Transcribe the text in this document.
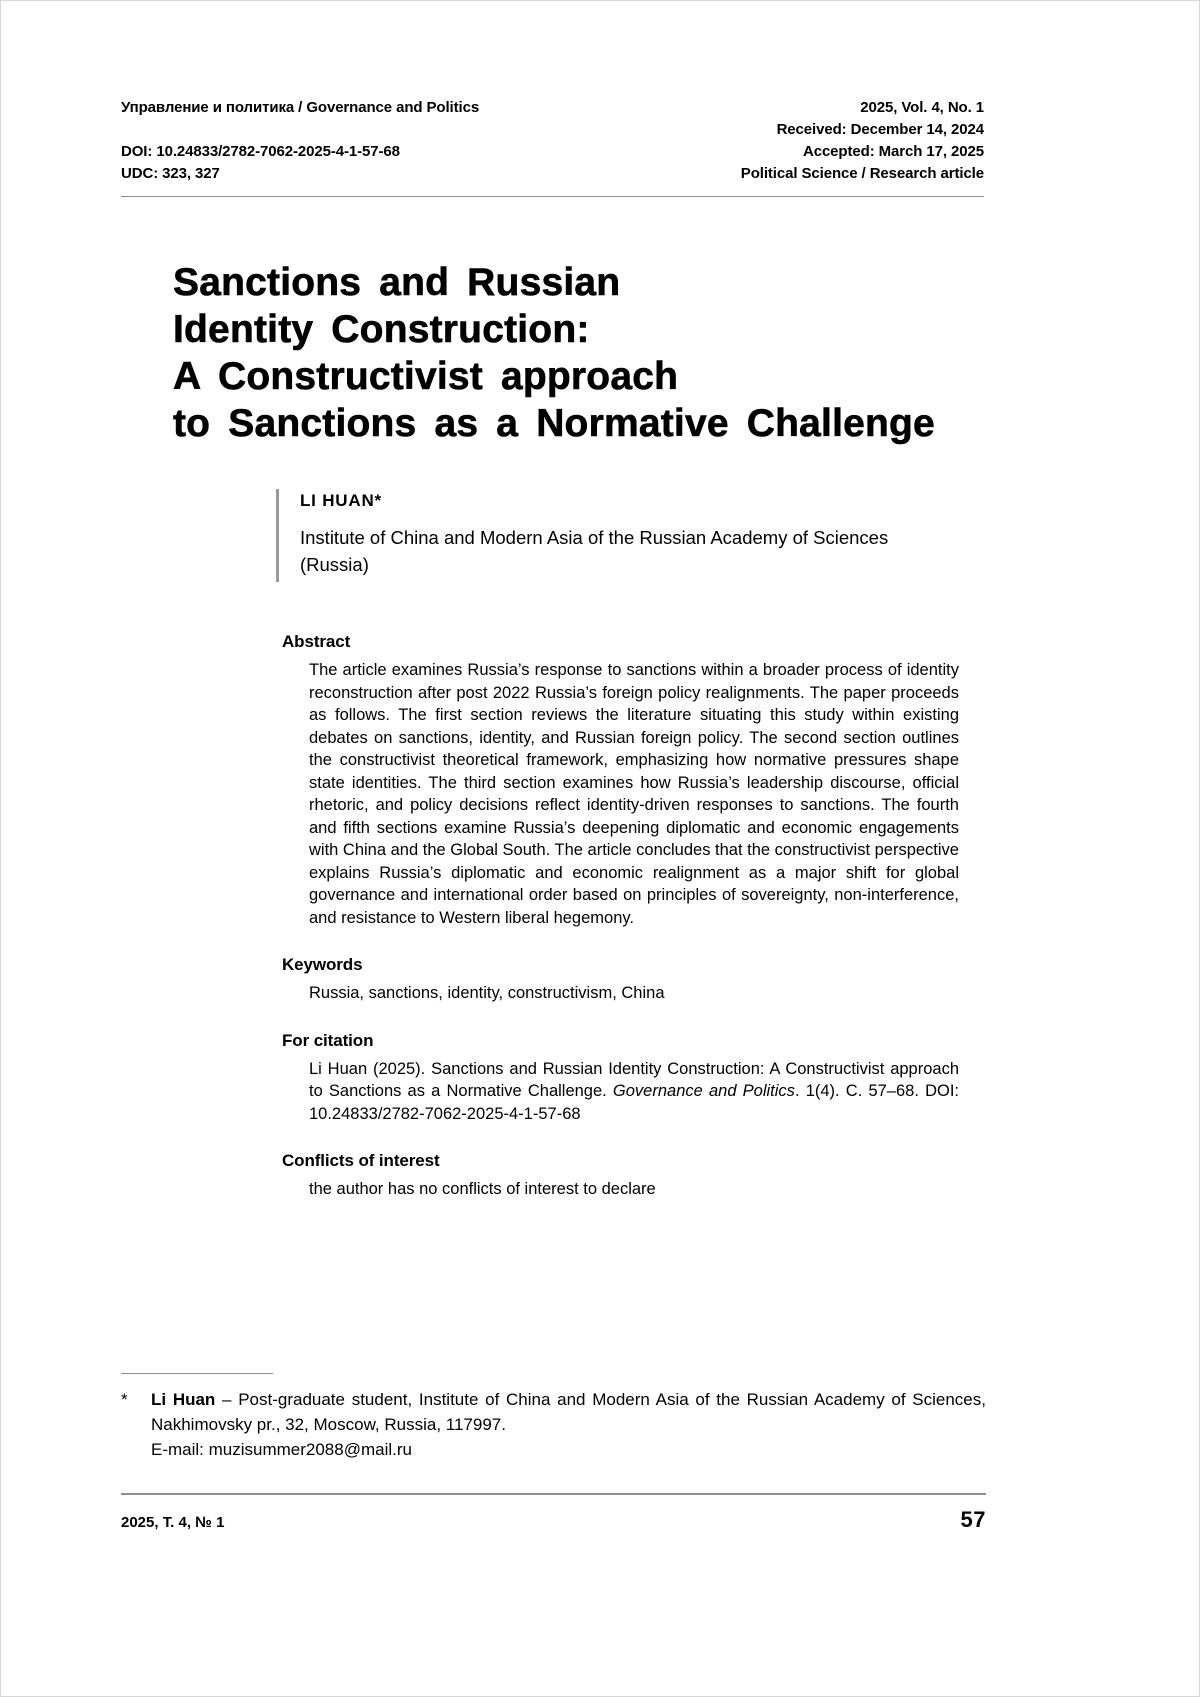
Управление и политика / Governance and Politics
DOI: 10.24833/2782-7062-2025-4-1-57-68
UDC: 323, 327
2025, Vol. 4, No. 1
Received: December 14, 2024
Accepted: March 17, 2025
Political Science / Research article
Sanctions and Russian
Identity Construction:
A Constructivist approach
to Sanctions as a Normative Challenge
LI HUAN*
Institute of China and Modern Asia of the Russian Academy of Sciences (Russia)
Abstract
The article examines Russia’s response to sanctions within a broader process of identity reconstruction after post 2022 Russia’s foreign policy realignments. The paper proceeds as follows. The first section reviews the literature situating this study within existing debates on sanctions, identity, and Russian foreign policy. The second section outlines the constructivist theoretical framework, emphasizing how normative pressures shape state identities. The third section examines how Russia’s leadership discourse, official rhetoric, and policy decisions reflect identity-driven responses to sanctions. The fourth and fifth sections examine Russia’s deepening diplomatic and economic engagements with China and the Global South. The article concludes that the constructivist perspective explains Russia’s diplomatic and economic realignment as a major shift for global governance and international order based on principles of sovereignty, non-interference, and resistance to Western liberal hegemony.
Keywords
Russia, sanctions, identity, constructivism, China
For citation
Li Huan (2025). Sanctions and Russian Identity Construction: A Constructivist approach to Sanctions as a Normative Challenge. Governance and Politics. 1(4). С. 57–68. DOI: 10.24833/2782-7062-2025-4-1-57-68
Conflicts of interest
the author has no conflicts of interest to declare
*	Li Huan – Post-graduate student, Institute of China and Modern Asia of the Russian Academy of Sciences, Nakhimovsky pr., 32, Moscow, Russia, 117997.
E-mail: muzisummer2088@mail.ru
2025, Т. 4, № 1	57
